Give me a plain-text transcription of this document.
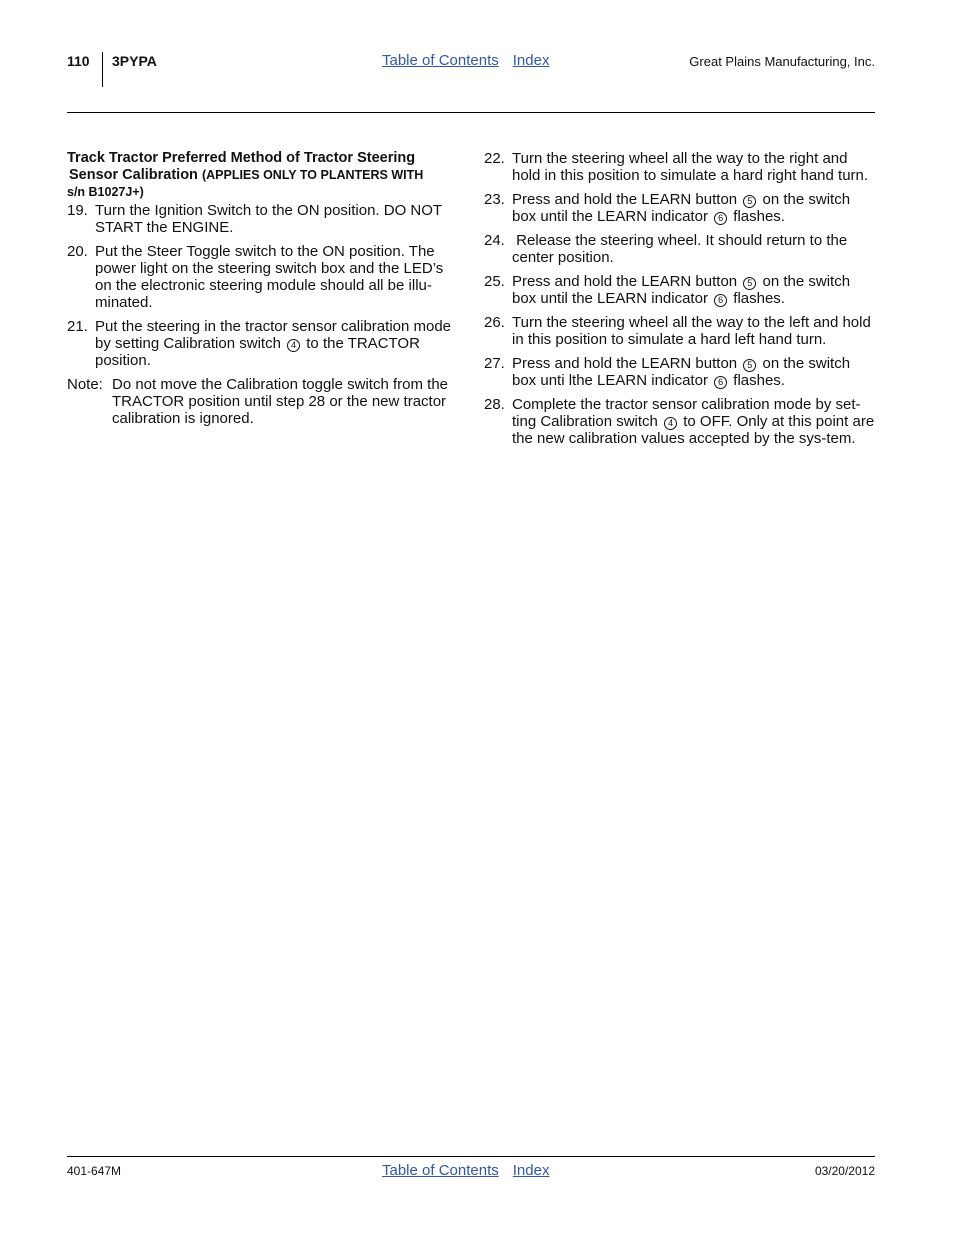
110 3PYPA	Table of Contents Index	Great Plains Manufacturing, Inc.
Track Tractor Preferred Method of Tractor Steering
Sensor Calibration (APPLIES ONLY TO PLANTERS WITH
s/n B1027J+)
19. Turn the Ignition Switch to the ON position. DO NOT START the ENGINE.
20. Put the Steer Toggle switch to the ON position. The power light on the steering switch box and the LED’s on the electronic steering module should all be illu-minated.
21. Put the steering in the tractor sensor calibration mode by setting Calibration switch 4 to the TRACTOR position.
Note: Do not move the Calibration toggle switch from the TRACTOR position until step 28 or the new tractor calibration is ignored.
22. Turn the steering wheel all the way to the right and hold in this position to simulate a hard right hand turn.
23. Press and hold the LEARN button 5 on the switch box until the LEARN indicator 6 flashes.
24. Release the steering wheel. It should return to the center position.
25. Press and hold the LEARN button 5 on the switch box until the LEARN indicator 6 flashes.
26. Turn the steering wheel all the way to the left and hold in this position to simulate a hard left hand turn.
27. Press and hold the LEARN button 5 on the switch box unti lthe LEARN indicator 6 flashes.
28. Complete the tractor sensor calibration mode by set-ting Calibration switch 4 to OFF. Only at this point are the new calibration values accepted by the sys-tem.
401-647M	Table of Contents Index	03/20/2012
